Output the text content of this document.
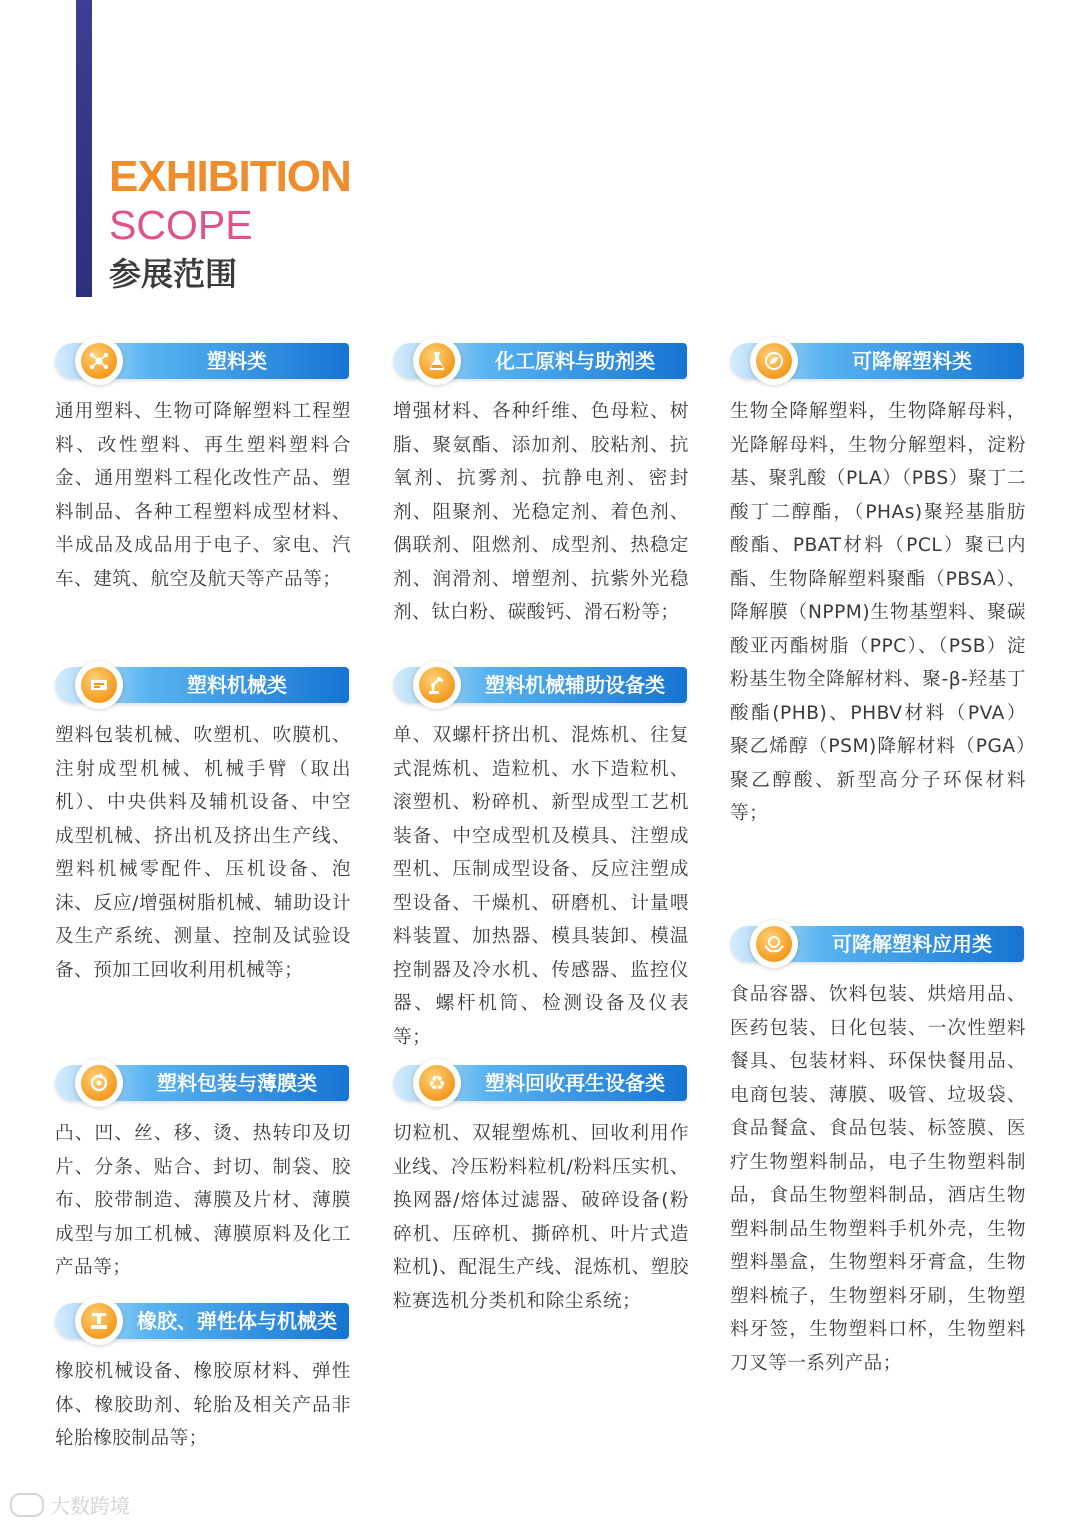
EXHIBITION
SCOPE
参展范围
塑料类
通用塑料、生物可降解塑料工程塑料、改性塑料、再生塑料塑料合金、通用塑料工程化改性产品、塑料制品、各种工程塑料成型材料、半成品及成品用于电子、家电、汽车、建筑、航空及航天等产品等；
塑料机械类
塑料包装机械、吹塑机、吹膜机、注射成型机械、机械手臂（取出机）、中央供料及辅机设备、中空成型机械、挤出机及挤出生产线、塑料机械零配件、压机设备、泡沫、反应/增强树脂机械、辅助设计及生产系统、测量、控制及试验设备、预加工回收利用机械等；
塑料包装与薄膜类
凸、凹、丝、移、烫、热转印及切片、分条、贴合、封切、制袋、胶布、胶带制造、薄膜及片材、薄膜成型与加工机械、薄膜原料及化工产品等；
橡胶、弹性体与机械类
橡胶机械设备、橡胶原材料、弹性体、橡胶助剂、轮胎及相关产品非轮胎橡胶制品等；
化工原料与助剂类
增强材料、各种纤维、色母粒、树脂、聚氨酯、添加剂、胶粘剂、抗氧剂、抗雾剂、抗静电剂、密封剂、阻聚剂、光稳定剂、着色剂、偶联剂、阻燃剂、成型剂、热稳定剂、润滑剂、增塑剂、抗紫外光稳剂、钛白粉、碳酸钙、滑石粉等；
塑料机械辅助设备类
单、双螺杆挤出机、混炼机、往复式混炼机、造粒机、水下造粒机、滚塑机、粉碎机、新型成型工艺机装备、中空成型机及模具、注塑成型机、压制成型设备、反应注塑成型设备、干燥机、研磨机、计量喂料装置、加热器、模具装卸、模温控制器及冷水机、传感器、监控仪器、螺杆机筒、检测设备及仪表等；
♻	塑料回收再生设备类
切粒机、双辊塑炼机、回收利用作业线、冷压粉料粒机/粉料压实机、换网器/熔体过滤器、破碎设备(粉碎机、压碎机、撕碎机、叶片式造粒机)、配混生产线、混炼机、塑胶粒赛选机分类机和除尘系统；
可降解塑料类
生物全降解塑料，生物降解母料，光降解母料，生物分解塑料，淀粉基、聚乳酸（PLA）（PBS）聚丁二酸丁二醇酯，（PHAs)聚羟基脂肪酸酯、PBAT材料（PCL）聚已内酯、生物降解塑料聚酯（PBSA）、降解膜（NPPM)生物基塑料、聚碳酸亚丙酯树脂（PPC）、（PSB）淀粉基生物全降解材料、聚-β-羟基丁酸酯(PHB)、PHBV材料（PVA）聚乙烯醇（PSM)降解材料（PGA）聚乙醇酸、新型高分子环保材料等；
可降解塑料应用类
食品容器、饮料包装、烘焙用品、医药包装、日化包装、一次性塑料餐具、包装材料、环保快餐用品、电商包装、薄膜、吸管、垃圾袋、食品餐盒、食品包装、标签膜、医疗生物塑料制品，电子生物塑料制品，食品生物塑料制品，酒店生物塑料制品生物塑料手机外壳，生物塑料墨盒，生物塑料牙膏盒，生物塑料梳子，生物塑料牙刷，生物塑料牙签，生物塑料口杯，生物塑料刀叉等一系列产品；
大数跨境
